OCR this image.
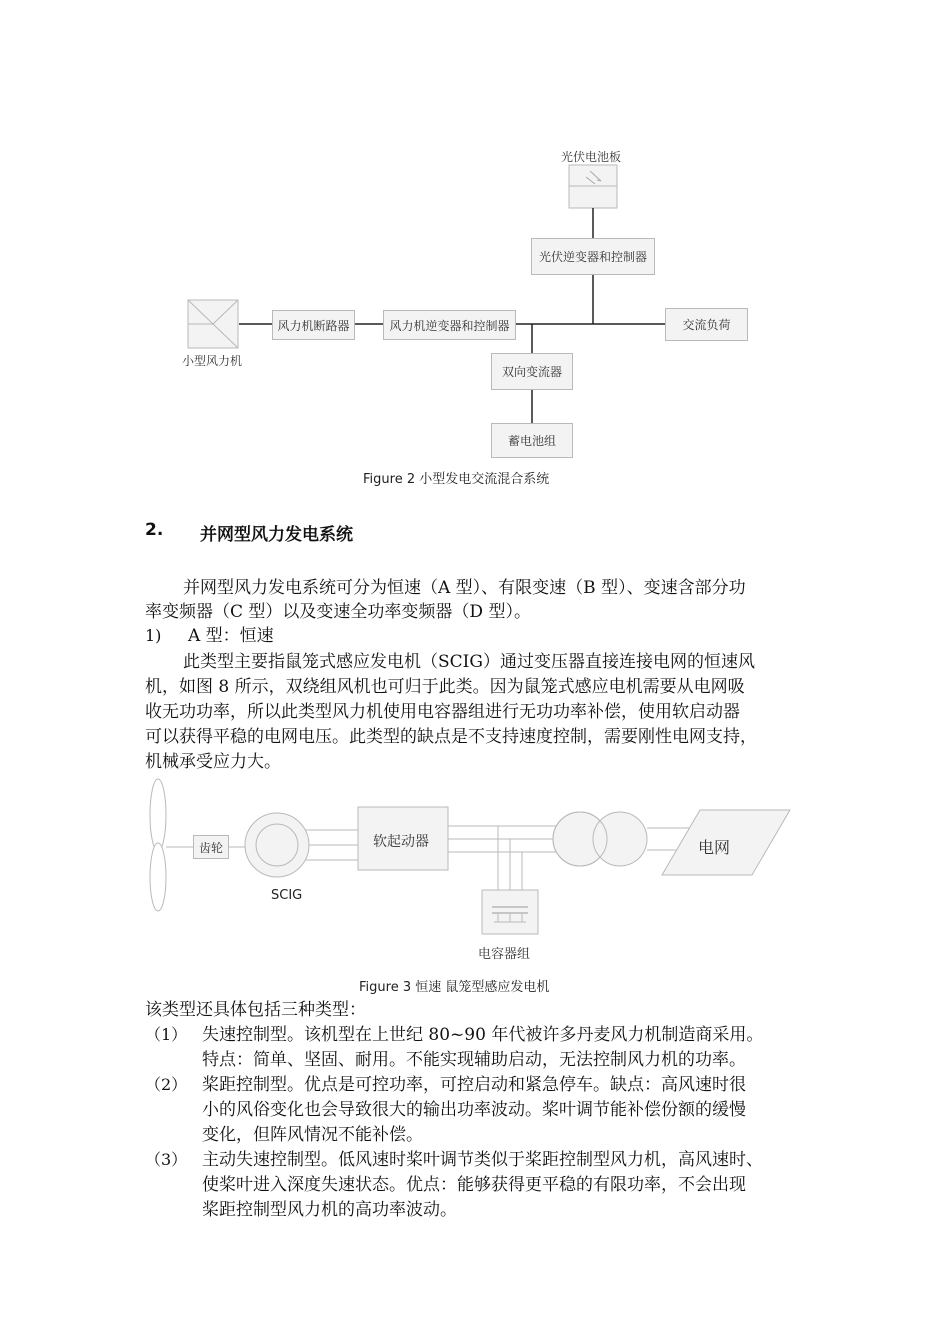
光伏电池板
光伏逆变器和控制器
风力机断路器	风力机逆变器和控制器	交流负荷
小型风力机
双向变流器
蓄电池组
Figure 2 小型发电交流混合系统
2. 并网型风力发电系统
并网型风力发电系统可分为恒速（A 型）、有限变速（B 型）、变速含部分功
率变频器（C 型）以及变速全功率变频器（D 型）。
1) A 型：恒速
此类型主要指鼠笼式感应发电机（SCIG）通过变压器直接连接电网的恒速风
机，如图 8 所示，双绕组风机也可归于此类。因为鼠笼式感应电机需要从电网吸
收无功功率，所以此类型风力机使用电容器组进行无功功率补偿，使用软启动器
可以获得平稳的电网电压。此类型的缺点是不支持速度控制，需要刚性电网支持，
机械承受应力大。
齿轮
SCIG
软起动器	电网
电容器组
Figure 3 恒速 鼠笼型感应发电机
该类型还具体包括三种类型：
（1） 失速控制型。该机型在上世纪 80~90 年代被许多丹麦风力机制造商采用。
特点：简单、坚固、耐用。不能实现辅助启动，无法控制风力机的功率。
（2） 桨距控制型。优点是可控功率，可控启动和紧急停车。缺点：高风速时很
小的风俗变化也会导致很大的输出功率波动。桨叶调节能补偿份额的缓慢
变化，但阵风情况不能补偿。
（3） 主动失速控制型。低风速时桨叶调节类似于桨距控制型风力机，高风速时、
使桨叶进入深度失速状态。优点：能够获得更平稳的有限功率，不会出现
桨距控制型风力机的高功率波动。
